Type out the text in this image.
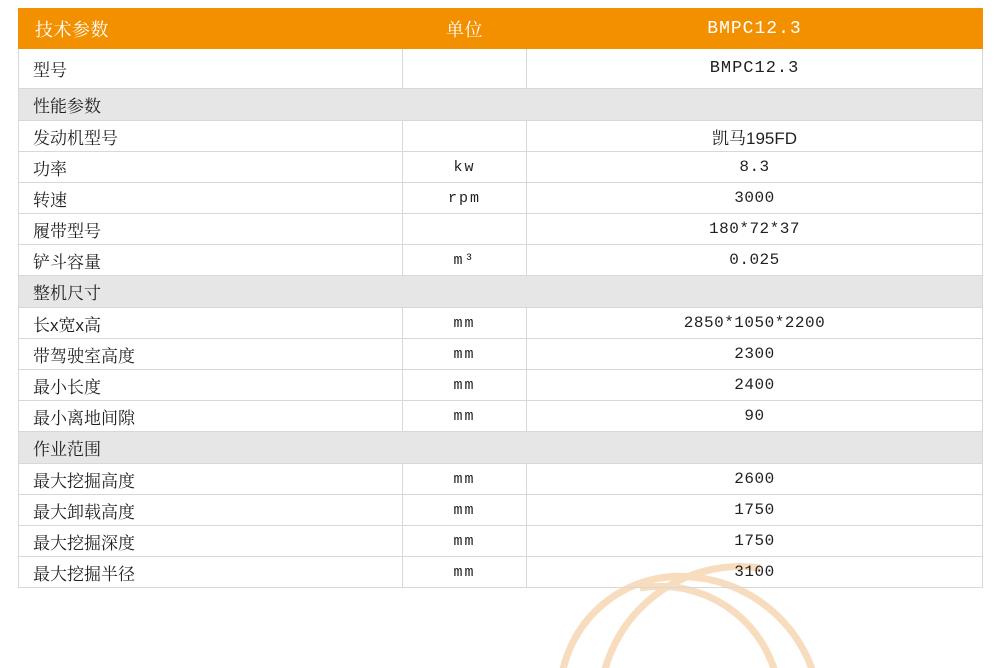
技术参数	单位	BMPC12.3
型号		BMPC12.3
性能参数		
发动机型号		凯马195FD
功率	kw	8.3
转速	rpm	3000
履带型号		180*72*37
铲斗容量	m³	0.025
整机尺寸		
长x宽x高	mm	2850*1050*2200
带驾驶室高度	mm	2300
最小长度	mm	2400
最小离地间隙	mm	90
作业范围		
最大挖掘高度	mm	2600
最大卸载高度	mm	1750
最大挖掘深度	mm	1750
最大挖掘半径	mm	3100
